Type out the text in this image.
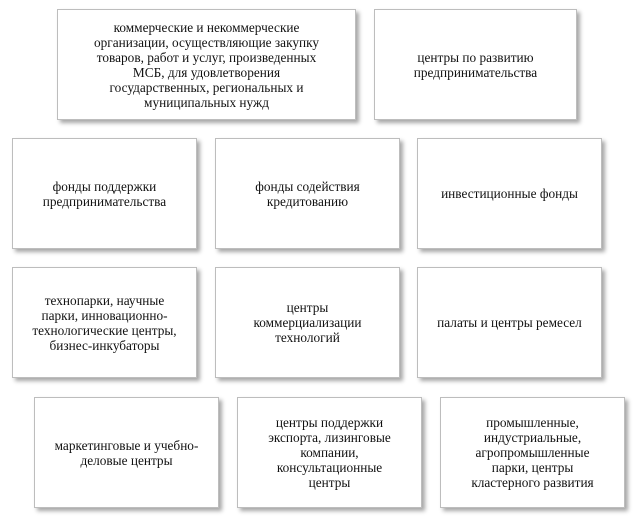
коммерческие и некоммерческие
организации, осуществляющие закупку
товаров, работ и услуг, произведенных
МСБ, для удовлетворения
государственных, региональных и
муниципальных нужд
центры по развитию
предпринимательства
фонды поддержки
предпринимательства
фонды содействия
кредитованию	инвестиционные фонды
технопарки, научные
парки, инновационно-
технологические центры,
бизнес-инкубаторы
центры
коммерциализации
технологий
палаты и центры ремесел
маркетинговые и учебно-
деловые центры
центры поддержки
экспорта, лизинговые
компании,
консультационные
центры
промышленные,
индустриальные,
агропромышленные
парки, центры
кластерного развития
